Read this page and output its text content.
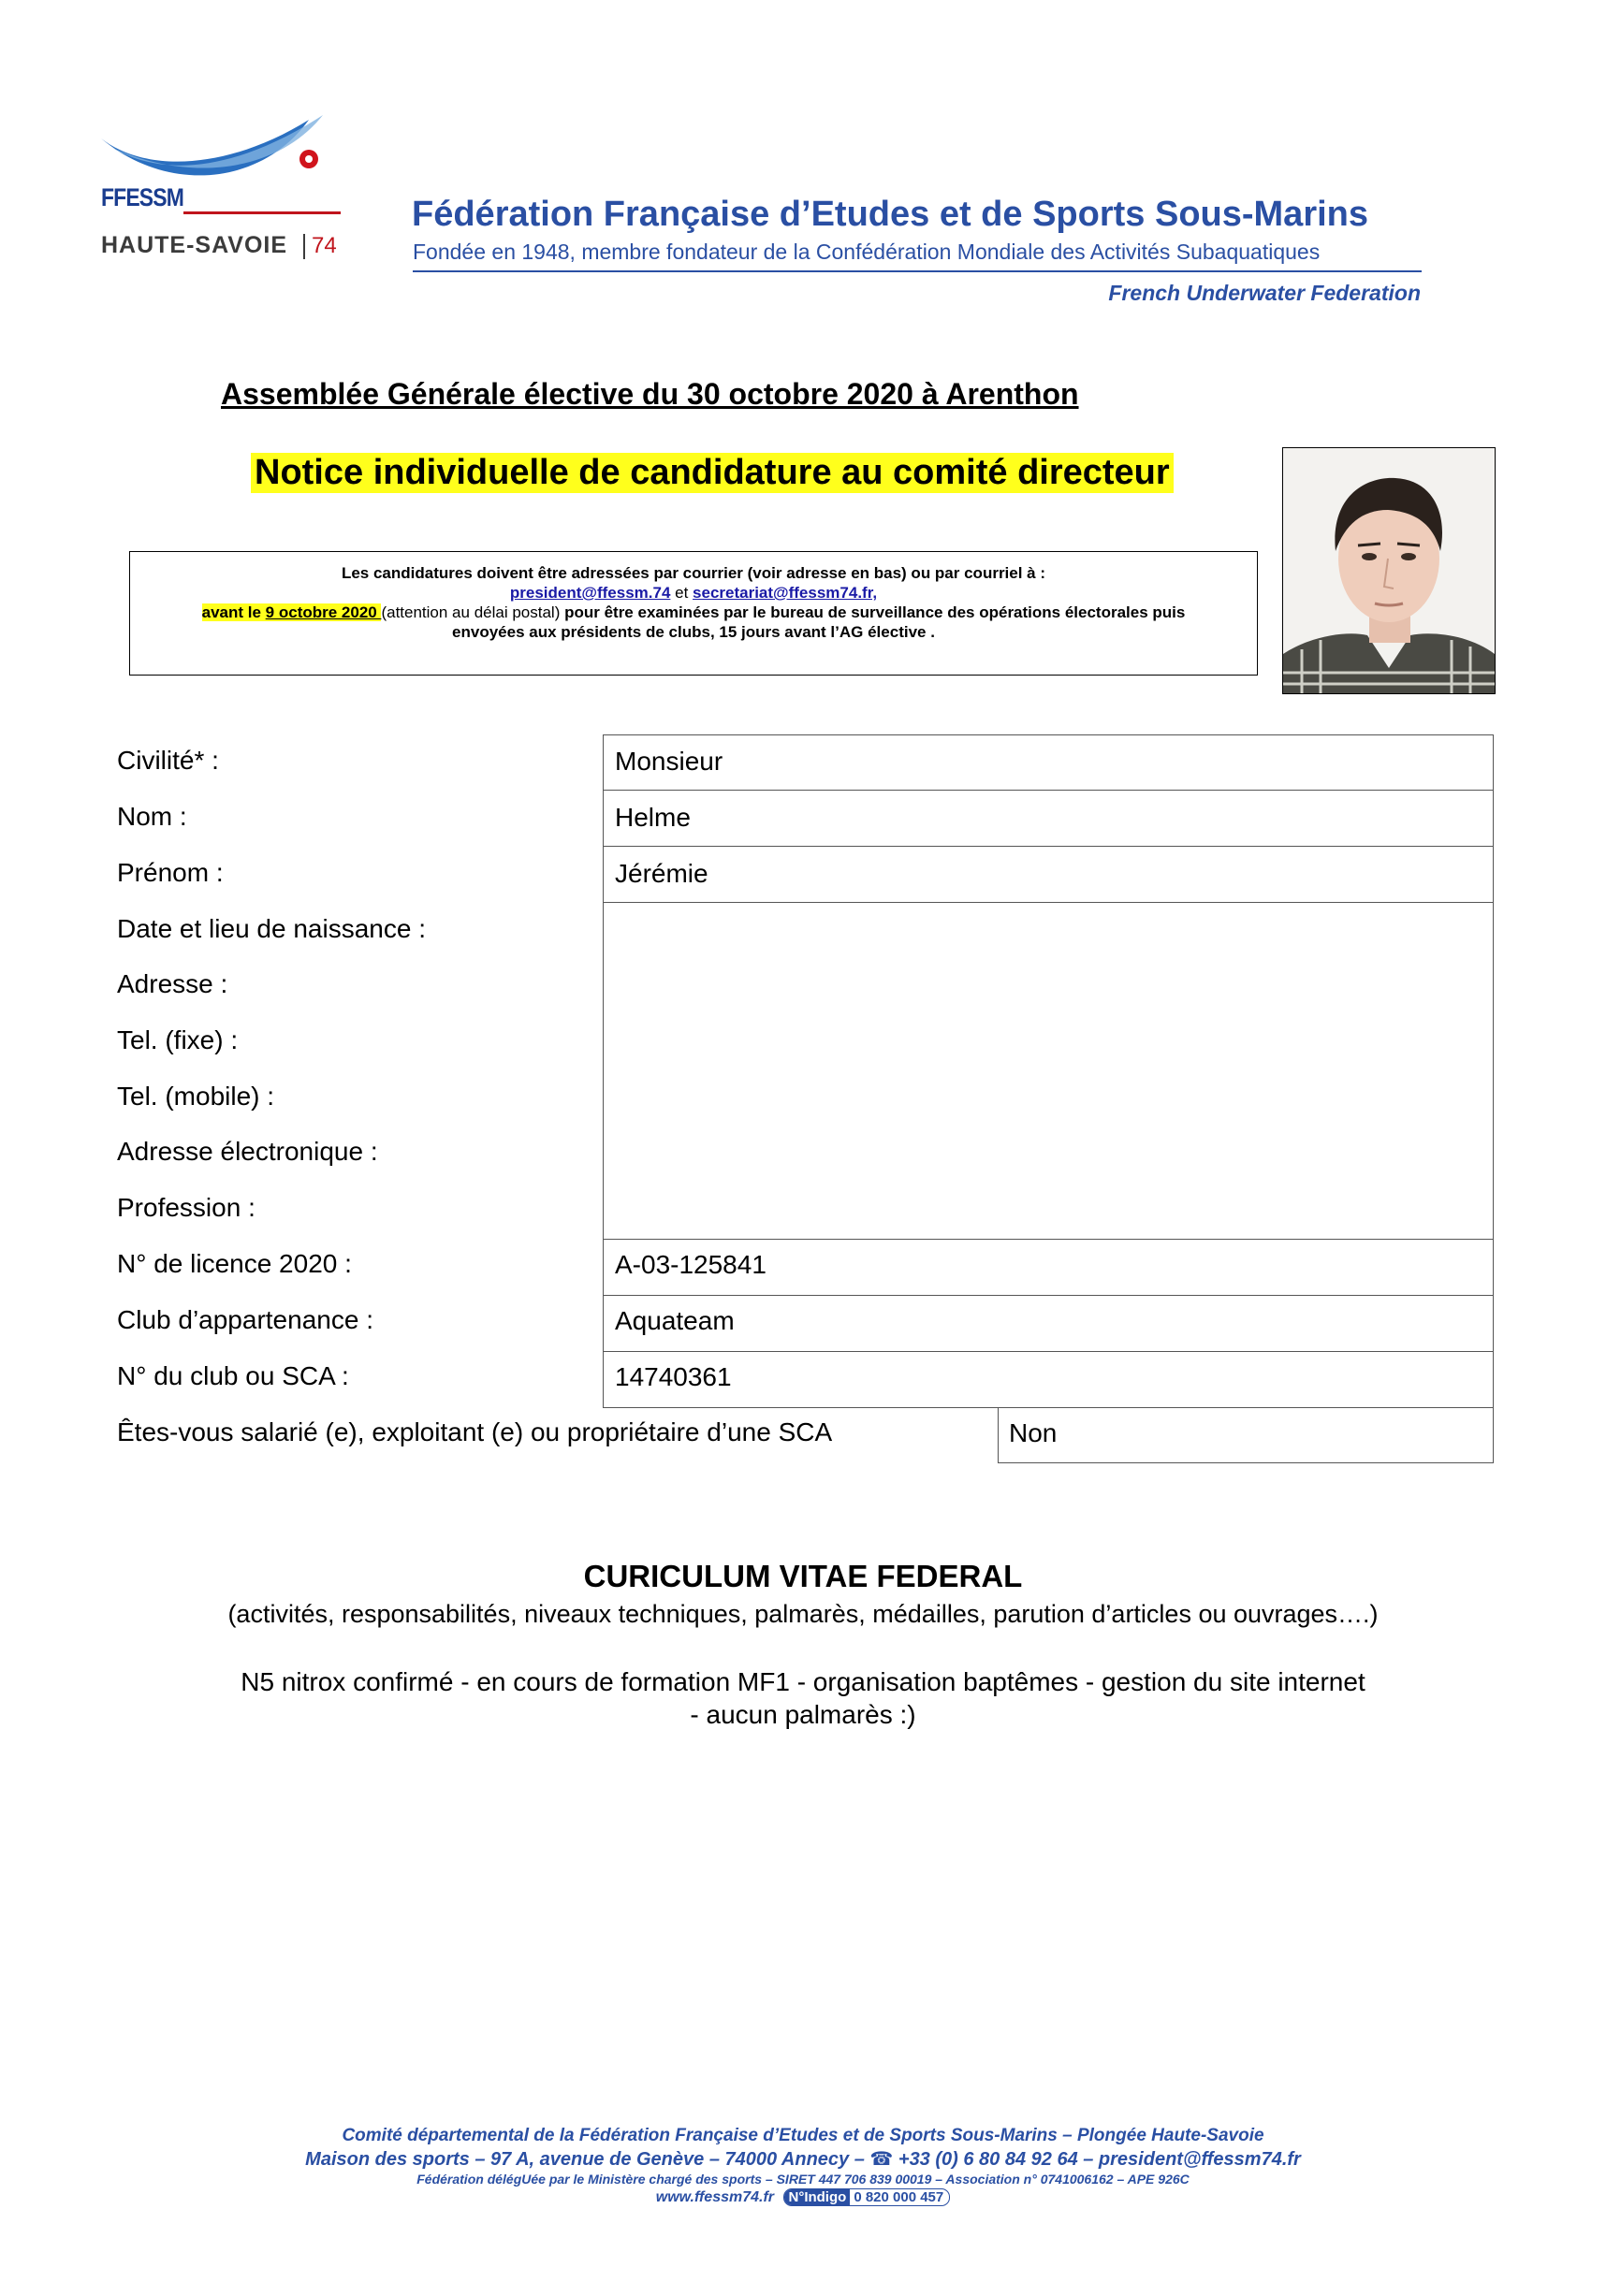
FFESSM
HAUTE-SAVOIE 74
Fédération Française d’Etudes et de Sports Sous-Marins
Fondée en 1948, membre fondateur de la Confédération Mondiale des Activités Subaquatiques
French Underwater Federation
Assemblée Générale élective du 30 octobre 2020 à Arenthon
Notice individuelle de candidature au comité directeur
Les candidatures doivent être adressées par courrier (voir adresse en bas) ou par courriel à :
president@ffessm.74 et secretariat@ffessm74.fr,
avant le 9 octobre 2020 (attention au délai postal) pour être examinées par le bureau de surveillance des opérations électorales puis
envoyées aux présidents de clubs, 15 jours avant l’AG élective .
Civilité* :
Nom :
Prénom :
Date et lieu de naissance :
Adresse :
Tel. (fixe) :
Tel. (mobile) :
Adresse électronique :
Profession :
N° de licence 2020 :
Club d’appartenance :
N° du club ou SCA :
Êtes-vous salarié (e), exploitant (e) ou propriétaire d’une SCA
Monsieur
Helme
Jérémie
A-03-125841
Aquateam
14740361
Non
CURICULUM VITAE FEDERAL
(activités, responsabilités, niveaux techniques, palmarès, médailles, parution d’articles ou ouvrages….)
N5 nitrox confirmé - en cours de formation MF1 - organisation baptêmes - gestion du site internet
- aucun palmarès :)
Comité départemental de la Fédération Française d’Etudes et de Sports Sous-Marins – Plongée Haute-Savoie
Maison des sports – 97 A, avenue de Genève – 74000 Annecy – ☎ +33 (0) 6 80 84 92 64 – president@ffessm74.fr
Fédération délégUée par le Ministère chargé des sports – SIRET 447 706 839 00019 – Association n° 0741006162 – APE 926C
www.ffessm74.fr N°Indigo 0 820 000 457
